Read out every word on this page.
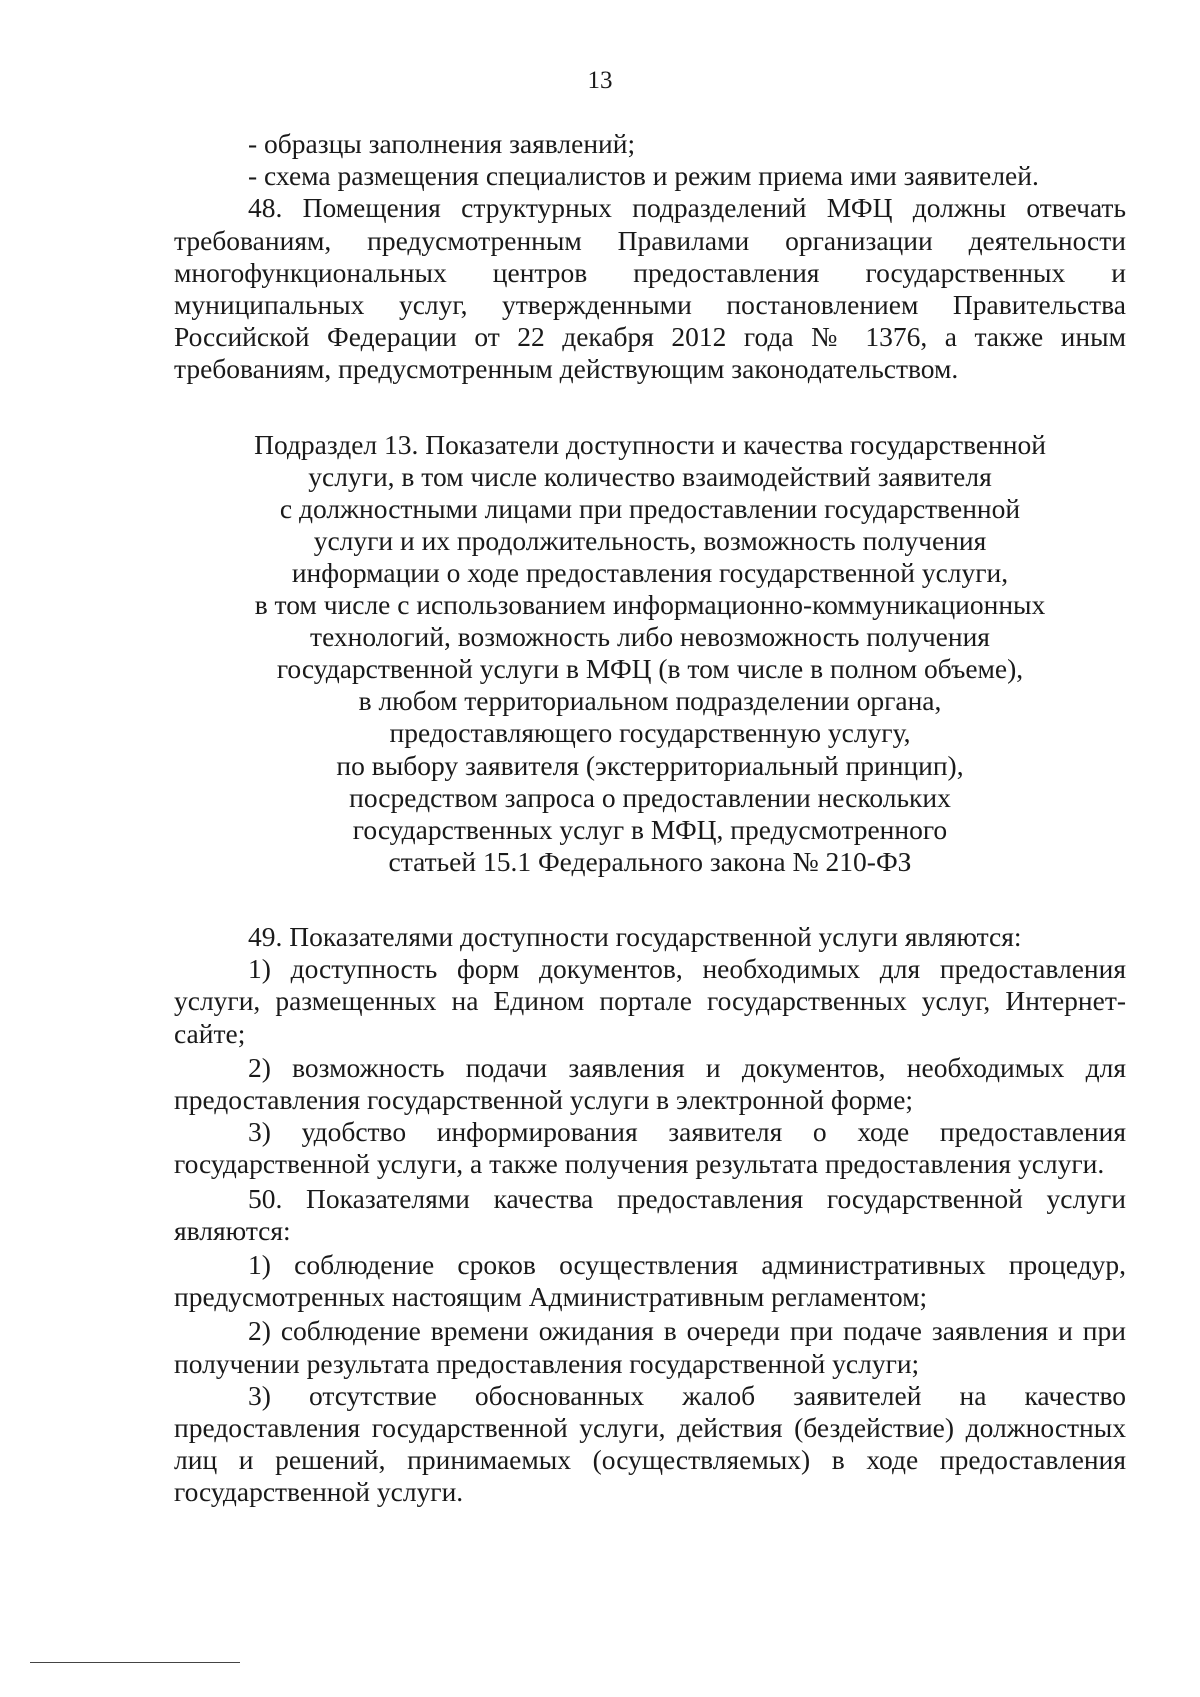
13

- образцы заполнения заявлений;

- схема размещения специалистов и режим приема ими заявителей.

48. Помещения структурных подразделений МФЦ должны отвечать требованиям, предусмотренным Правилами организации деятельности многофункциональных центров предоставления государственных и муниципальных услуг, утвержденными постановлением Правительства Российской Федерации от 22 декабря 2012 года № 1376, а также иным требованиям, предусмотренным действующим законодательством.

Подраздел 13. Показатели доступности и качества государственной
услуги, в том числе количество взаимодействий заявителя
с должностными лицами при предоставлении государственной
услуги и их продолжительность, возможность получения
информации о ходе предоставления государственной услуги,
в том числе с использованием информационно-коммуникационных
технологий, возможность либо невозможность получения
государственной услуги в МФЦ (в том числе в полном объеме),
в любом территориальном подразделении органа,
предоставляющего государственную услугу,
по выбору заявителя (экстерриториальный принцип),
посредством запроса о предоставлении нескольких
государственных услуг в МФЦ, предусмотренного
статьей 15.1 Федерального закона № 210-ФЗ

49. Показателями доступности государственной услуги являются:

1) доступность форм документов, необходимых для предоставления услуги, размещенных на Едином портале государственных услуг, Интернет-сайте;

2) возможность подачи заявления и документов, необходимых для предоставления государственной услуги в электронной форме;

3) удобство информирования заявителя о ходе предоставления государственной услуги, а также получения результата предоставления услуги.

50. Показателями качества предоставления государственной услуги являются:

1) соблюдение сроков осуществления административных процедур, предусмотренных настоящим Административным регламентом;

2) соблюдение времени ожидания в очереди при подаче заявления и при получении результата предоставления государственной услуги;

3) отсутствие обоснованных жалоб заявителей на качество предоставления государственной услуги, действия (бездействие) должностных лиц и решений, принимаемых (осуществляемых) в ходе предоставления государственной услуги.
